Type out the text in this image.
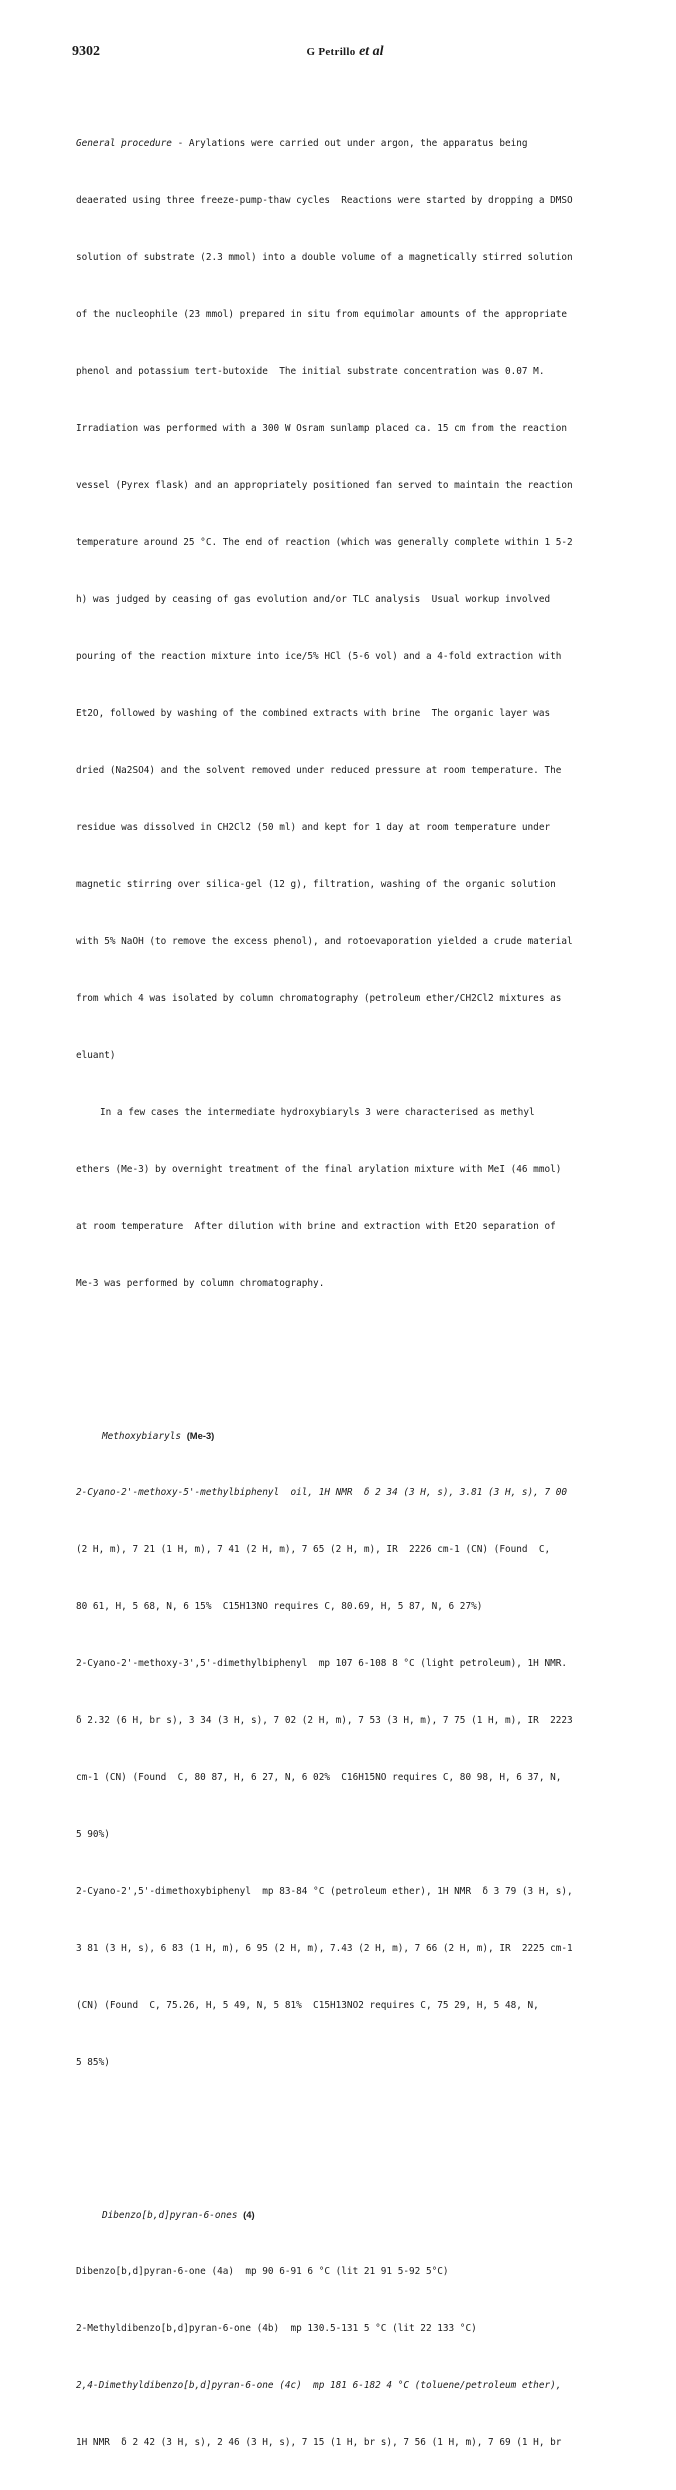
9302	G Petrillo et al

General procedure - Arylations were carried out under argon, the apparatus being

deaerated using three freeze-pump-thaw cycles  Reactions were started by dropping a DMSO

solution of substrate (2.3 mmol) into a double volume of a magnetically stirred solution

of the nucleophile (23 mmol) prepared in situ from equimolar amounts of the appropriate

phenol and potassium tert-butoxide  The initial substrate concentration was 0.07 M.

Irradiation was performed with a 300 W Osram sunlamp placed ca. 15 cm from the reaction

vessel (Pyrex flask) and an appropriately positioned fan served to maintain the reaction

temperature around 25 °C. The end of reaction (which was generally complete within 1 5-2

h) was judged by ceasing of gas evolution and/or TLC analysis  Usual workup involved

pouring of the reaction mixture into ice/5% HCl (5-6 vol) and a 4-fold extraction with

Et2O, followed by washing of the combined extracts with brine  The organic layer was

dried (Na2SO4) and the solvent removed under reduced pressure at room temperature. The

residue was dissolved in CH2Cl2 (50 ml) and kept for 1 day at room temperature under

magnetic stirring over silica-gel (12 g), filtration, washing of the organic solution

with 5% NaOH (to remove the excess phenol), and rotoevaporation yielded a crude material

from which 4 was isolated by column chromatography (petroleum ether/CH2Cl2 mixtures as

eluant)

In a few cases the intermediate hydroxybiaryls 3 were characterised as methyl

ethers (Me-3) by overnight treatment of the final arylation mixture with MeI (46 mmol)

at room temperature  After dilution with brine and extraction with Et2O separation of

Me-3 was performed by column chromatography.

Methoxybiaryls (Me-3)

2-Cyano-2'-methoxy-5'-methylbiphenyl  oil, 1H NMR  δ 2 34 (3 H, s), 3.81 (3 H, s), 7 00

(2 H, m), 7 21 (1 H, m), 7 41 (2 H, m), 7 65 (2 H, m), IR  2226 cm-1 (CN) (Found  C,

80 61, H, 5 68, N, 6 15%  C15H13NO requires C, 80.69, H, 5 87, N, 6 27%)

2-Cyano-2'-methoxy-3',5'-dimethylbiphenyl  mp 107 6-108 8 °C (light petroleum), 1H NMR.

δ 2.32 (6 H, br s), 3 34 (3 H, s), 7 02 (2 H, m), 7 53 (3 H, m), 7 75 (1 H, m), IR  2223

cm-1 (CN) (Found  C, 80 87, H, 6 27, N, 6 02%  C16H15NO requires C, 80 98, H, 6 37, N,

5 90%)

2-Cyano-2',5'-dimethoxybiphenyl  mp 83-84 °C (petroleum ether), 1H NMR  δ 3 79 (3 H, s),

3 81 (3 H, s), 6 83 (1 H, m), 6 95 (2 H, m), 7.43 (2 H, m), 7 66 (2 H, m), IR  2225 cm-1

(CN) (Found  C, 75.26, H, 5 49, N, 5 81%  C15H13NO2 requires C, 75 29, H, 5 48, N,

5 85%)

Dibenzo[b,d]pyran-6-ones (4)

Dibenzo[b,d]pyran-6-one (4a)  mp 90 6-91 6 °C (lit 21 91 5-92 5°C)

2-Methyldibenzo[b,d]pyran-6-one (4b)  mp 130.5-131 5 °C (lit 22 133 °C)

2,4-Dimethyldibenzo[b,d]pyran-6-one (4c)  mp 181 6-182 4 °C (toluene/petroleum ether),

1H NMR  δ 2 42 (3 H, s), 2 46 (3 H, s), 7 15 (1 H, br s), 7 56 (1 H, m), 7 69 (1 H, br
